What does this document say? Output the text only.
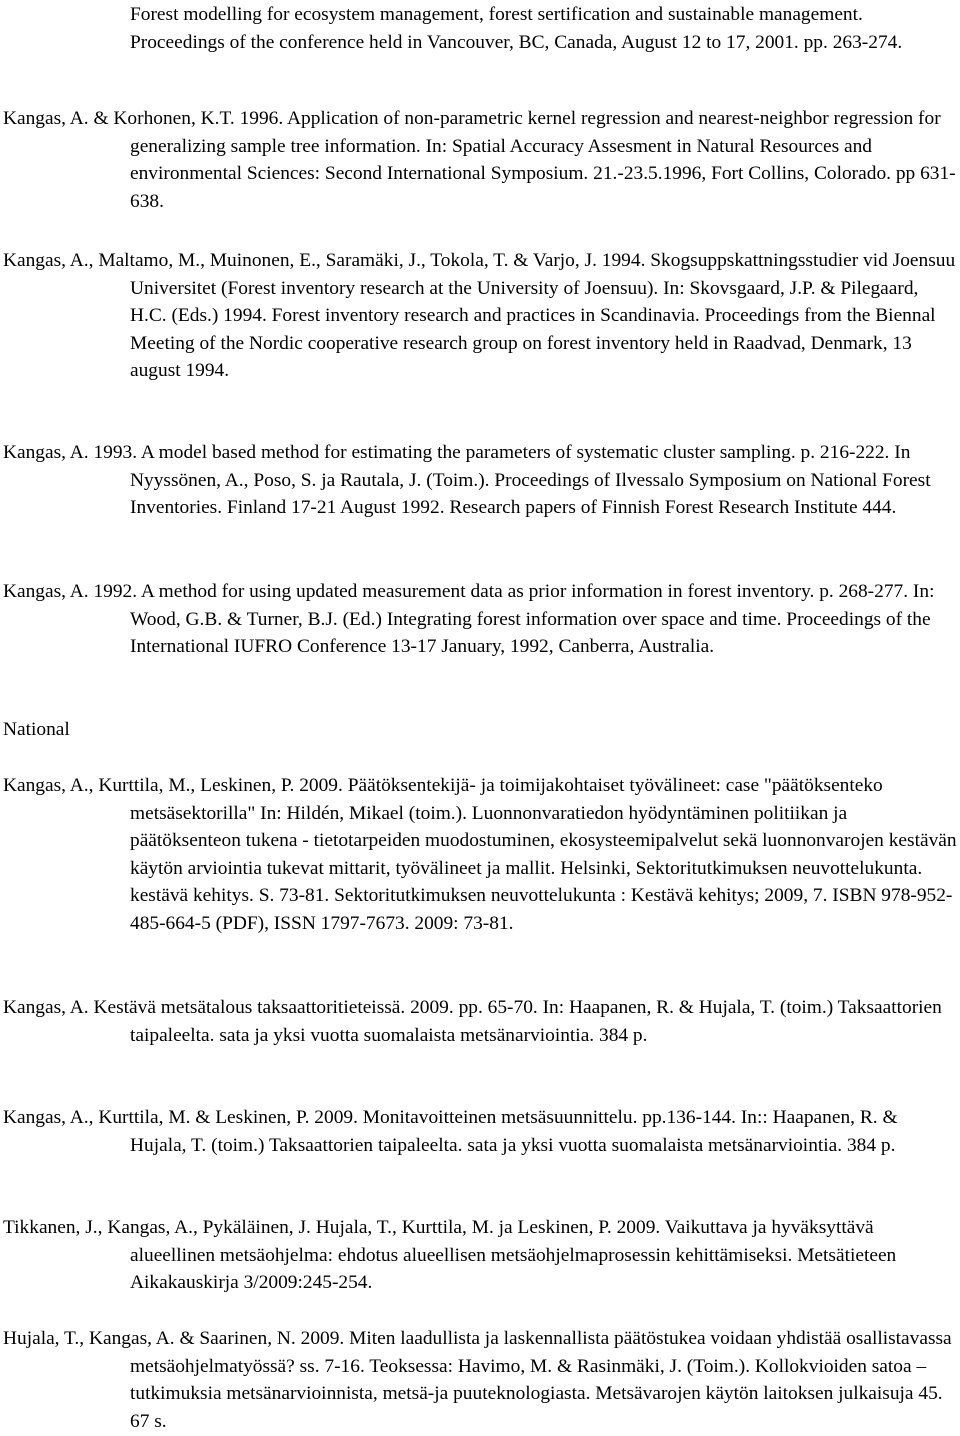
Forest modelling for ecosystem management, forest sertification and sustainable management. Proceedings of the conference held in Vancouver, BC, Canada, August 12 to 17, 2001. pp. 263-274.

Kangas, A. & Korhonen, K.T. 1996. Application of non-parametric kernel regression and nearest-neighbor regression for generalizing sample tree information. In: Spatial Accuracy Assesment in Natural Resources and environmental Sciences: Second International Symposium. 21.-23.5.1996, Fort Collins, Colorado. pp 631-638.

Kangas, A., Maltamo, M., Muinonen, E., Saramäki, J., Tokola, T. & Varjo, J. 1994. Skogsuppskattningsstudier vid Joensuu Universitet (Forest inventory research at the University of Joensuu). In: Skovsgaard, J.P. & Pilegaard, H.C. (Eds.) 1994. Forest inventory research and practices in Scandinavia. Proceedings from the Biennal Meeting of the Nordic cooperative research group on forest inventory held in Raadvad, Denmark, 13 august 1994.

Kangas, A. 1993. A model based method for estimating the parameters of systematic cluster sampling. p. 216-222. In Nyyssönen, A., Poso, S. ja Rautala, J. (Toim.). Proceedings of Ilvessalo Symposium on National Forest Inventories. Finland 17-21 August 1992. Research papers of Finnish Forest Research Institute 444.

Kangas, A. 1992. A method for using updated measurement data as prior information in forest inventory. p. 268-277. In: Wood, G.B. & Turner, B.J. (Ed.) Integrating forest information over space and time. Proceedings of the International IUFRO Conference 13-17 January, 1992, Canberra, Australia.

National

Kangas, A., Kurttila, M., Leskinen, P. 2009. Päätöksentekijä- ja toimijakohtaiset työvälineet: case "päätöksenteko metsäsektorilla" In: Hildén, Mikael (toim.). Luonnonvaratiedon hyödyntäminen politiikan ja päätöksenteon tukena - tietotarpeiden muodostuminen, ekosysteemipalvelut sekä luonnonvarojen kestävän käytön arviointia tukevat mittarit, työvälineet ja mallit. Helsinki, Sektoritutkimuksen neuvottelukunta. kestävä kehitys. S. 73-81. Sektoritutkimuksen neuvottelukunta : Kestävä kehitys; 2009, 7. ISBN 978-952-485-664-5 (PDF), ISSN 1797-7673. 2009: 73-81.

Kangas, A. Kestävä metsätalous taksaattoritieteissä. 2009. pp. 65-70. In: Haapanen, R. & Hujala, T. (toim.) Taksaattorien taipaleelta. sata ja yksi vuotta suomalaista metsänarviointia. 384 p.

Kangas, A., Kurttila, M. & Leskinen, P. 2009. Monitavoitteinen metsäsuunnittelu. pp.136-144. In:: Haapanen, R. & Hujala, T. (toim.) Taksaattorien taipaleelta. sata ja yksi vuotta suomalaista metsänarviointia. 384 p.

Tikkanen, J., Kangas, A., Pykäläinen, J. Hujala, T., Kurttila, M. ja Leskinen, P. 2009. Vaikuttava ja hyväksyttävä alueellinen metsäohjelma: ehdotus alueellisen metsäohjelmaprosessin kehittämiseksi. Metsätieteen Aikakauskirja 3/2009:245-254.

Hujala, T., Kangas, A. & Saarinen, N. 2009. Miten laadullista ja laskennallista päätöstukea voidaan yhdistää osallistavassa metsäohjelmatyössä? ss. 7-16. Teoksessa: Havimo, M. & Rasinmäki, J. (Toim.). Kollokvioiden satoa – tutkimuksia metsänarvioinnista, metsä-ja puuteknologiasta. Metsävarojen käytön laitoksen julkaisuja 45. 67 s.
